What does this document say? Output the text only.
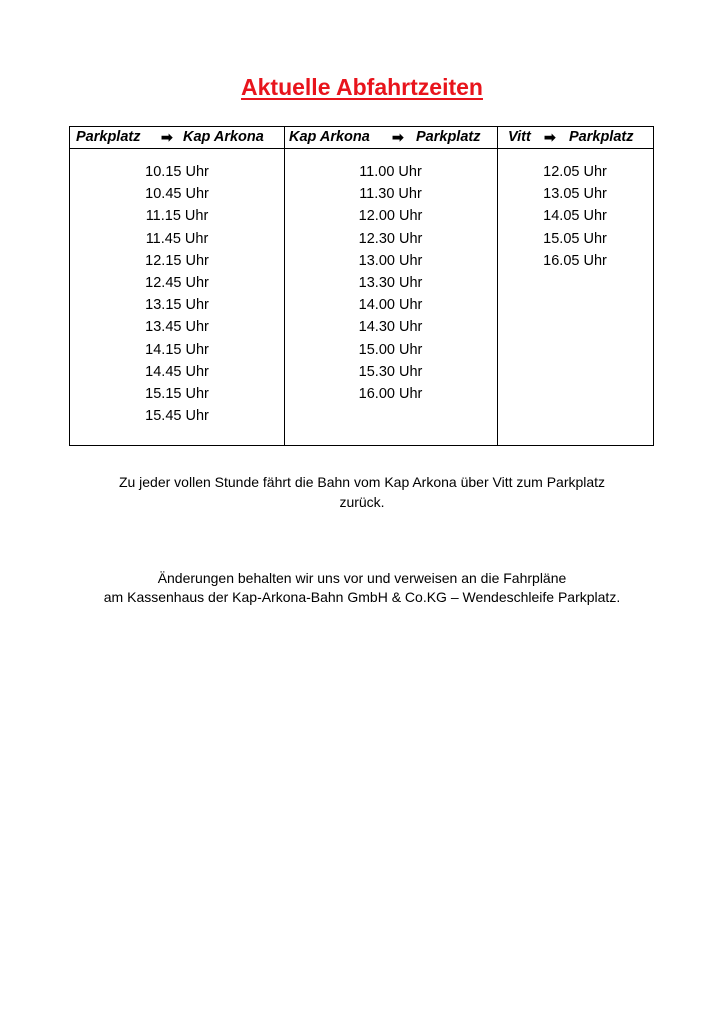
Aktuelle Abfahrtzeiten
Parkplatz ➡ Kap Arkona
10.15 Uhr
10.45 Uhr
11.15 Uhr
11.45 Uhr
12.15 Uhr
12.45 Uhr
13.15 Uhr
13.45 Uhr
14.15 Uhr
14.45 Uhr
15.15 Uhr
15.45 Uhr
Kap Arkona ➡ Parkplatz
11.00 Uhr
11.30 Uhr
12.00 Uhr
12.30 Uhr
13.00 Uhr
13.30 Uhr
14.00 Uhr
14.30 Uhr
15.00 Uhr
15.30 Uhr
16.00 Uhr
Vitt ➡ Parkplatz
12.05 Uhr
13.05 Uhr
14.05 Uhr
15.05 Uhr
16.05 Uhr

Zu jeder vollen Stunde fährt die Bahn vom Kap Arkona über Vitt zum Parkplatz
zurück.

Änderungen behalten wir uns vor und verweisen an die Fahrpläne
am Kassenhaus der Kap-Arkona-Bahn GmbH & Co.KG – Wendeschleife Parkplatz.
